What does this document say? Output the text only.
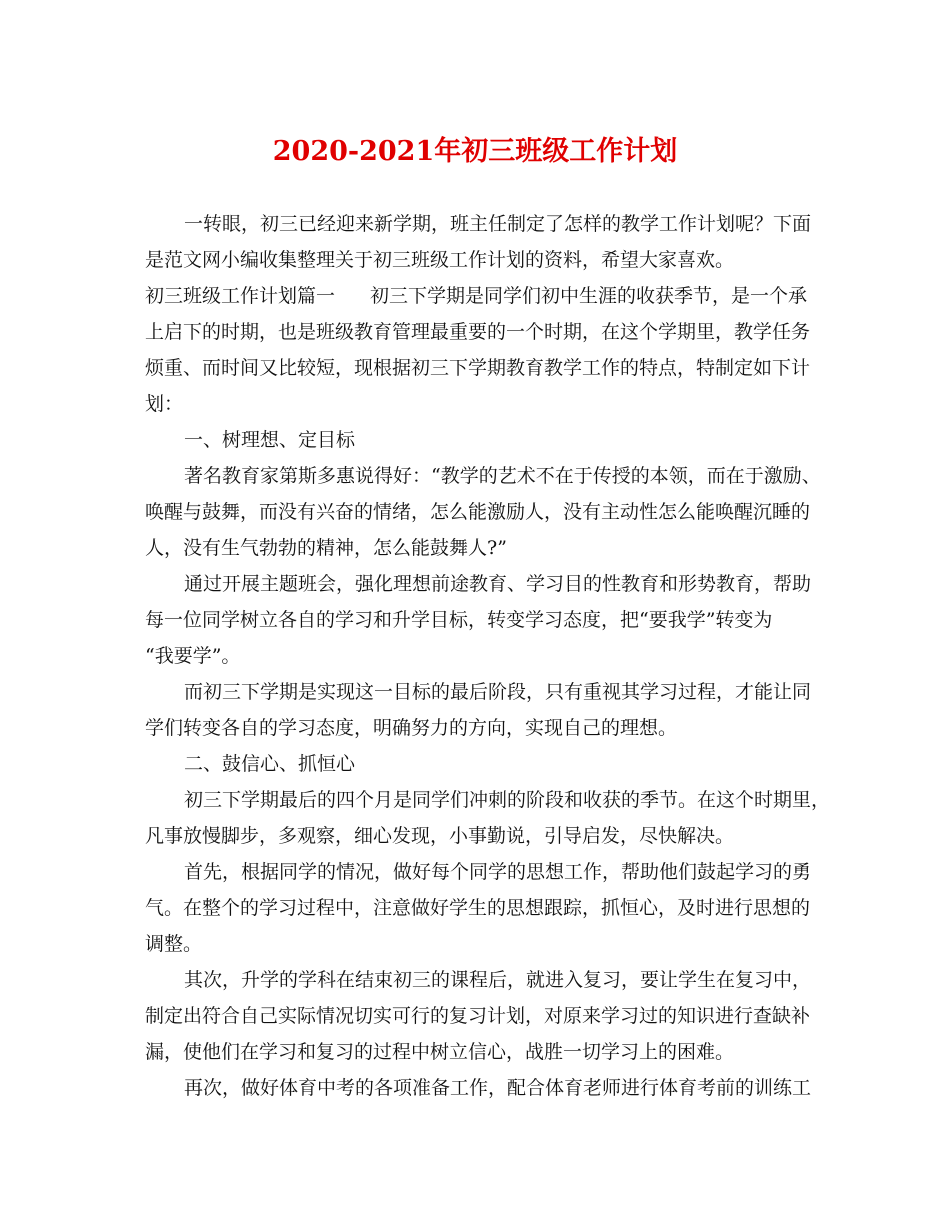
2020-2021年初三班级工作计划

一转眼，初三已经迎来新学期，班主任制定了怎样的教学工作计划呢？下面

是范文网小编收集整理关于初三班级工作计划的资料，希望大家喜欢。

初三班级工作计划篇一 初三下学期是同学们初中生涯的收获季节，是一个承

上启下的时期，也是班级教育管理最重要的一个时期，在这个学期里，教学任务

烦重、而时间又比较短，现根据初三下学期教育教学工作的特点，特制定如下计

划：

一、树理想、定目标

著名教育家第斯多惠说得好：“教学的艺术不在于传授的本领，而在于激励、

唤醒与鼓舞，而没有兴奋的情绪，怎么能激励人，没有主动性怎么能唤醒沉睡的

人，没有生气勃勃的精神，怎么能鼓舞人?”

通过开展主题班会，强化理想前途教育、学习目的性教育和形势教育，帮助

每一位同学树立各自的学习和升学目标，转变学习态度，把“要我学”转变为

“我要学”。

而初三下学期是实现这一目标的最后阶段，只有重视其学习过程，才能让同

学们转变各自的学习态度，明确努力的方向，实现自己的理想。

二、鼓信心、抓恒心

初三下学期最后的四个月是同学们冲刺的阶段和收获的季节。在这个时期里，

凡事放慢脚步，多观察，细心发现，小事勤说，引导启发，尽快解决。

首先，根据同学的情况，做好每个同学的思想工作，帮助他们鼓起学习的勇

气。在整个的学习过程中，注意做好学生的思想跟踪，抓恒心，及时进行思想的

调整。

其次，升学的学科在结束初三的课程后，就进入复习，要让学生在复习中，

制定出符合自己实际情况切实可行的复习计划，对原来学习过的知识进行查缺补

漏，使他们在学习和复习的过程中树立信心，战胜一切学习上的困难。

再次，做好体育中考的各项准备工作，配合体育老师进行体育考前的训练工
